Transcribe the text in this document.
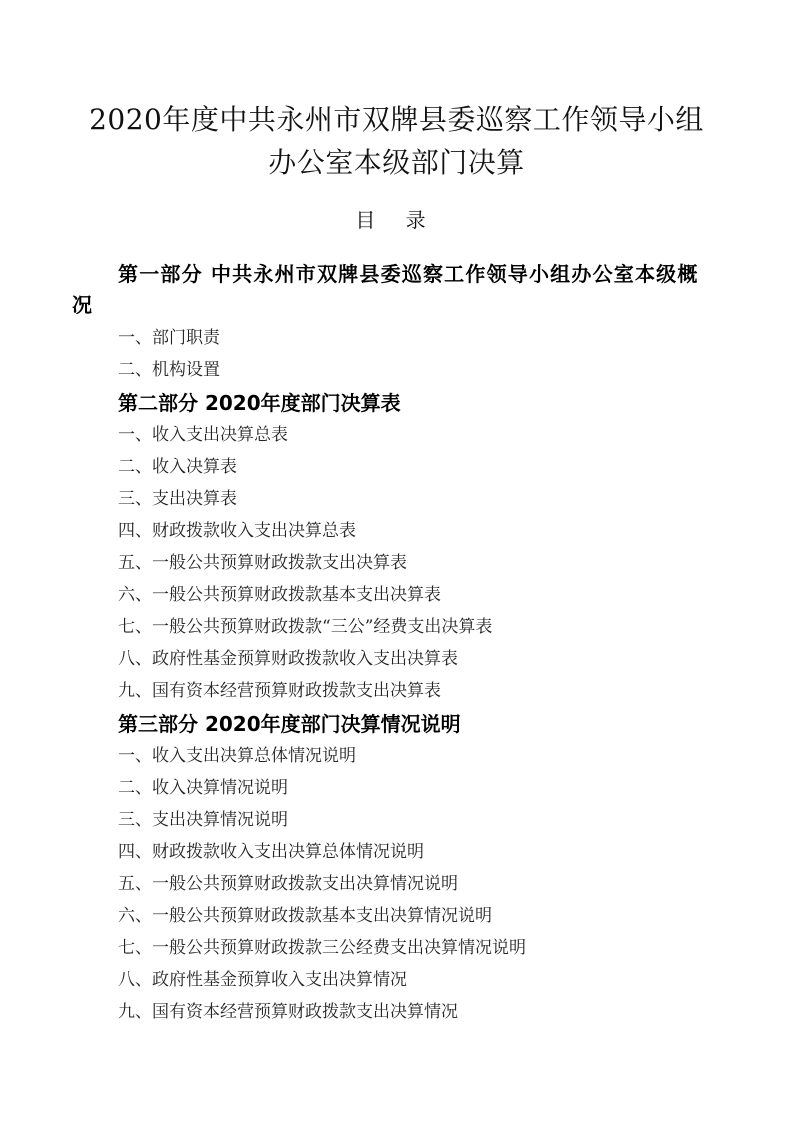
2020年度中共永州市双牌县委巡察工作领导小组
办公室本级部门决算
目 录
第一部分 中共永州市双牌县委巡察工作领导小组办公室本级概
况
一、部门职责
二、机构设置
第二部分 2020年度部门决算表
一、收入支出决算总表
二、收入决算表
三、支出决算表
四、财政拨款收入支出决算总表
五、一般公共预算财政拨款支出决算表
六、一般公共预算财政拨款基本支出决算表
七、一般公共预算财政拨款“三公”经费支出决算表
八、政府性基金预算财政拨款收入支出决算表
九、国有资本经营预算财政拨款支出决算表
第三部分 2020年度部门决算情况说明
一、收入支出决算总体情况说明
二、收入决算情况说明
三、支出决算情况说明
四、财政拨款收入支出决算总体情况说明
五、一般公共预算财政拨款支出决算情况说明
六、一般公共预算财政拨款基本支出决算情况说明
七、一般公共预算财政拨款三公经费支出决算情况说明
八、政府性基金预算收入支出决算情况
九、国有资本经营预算财政拨款支出决算情况
